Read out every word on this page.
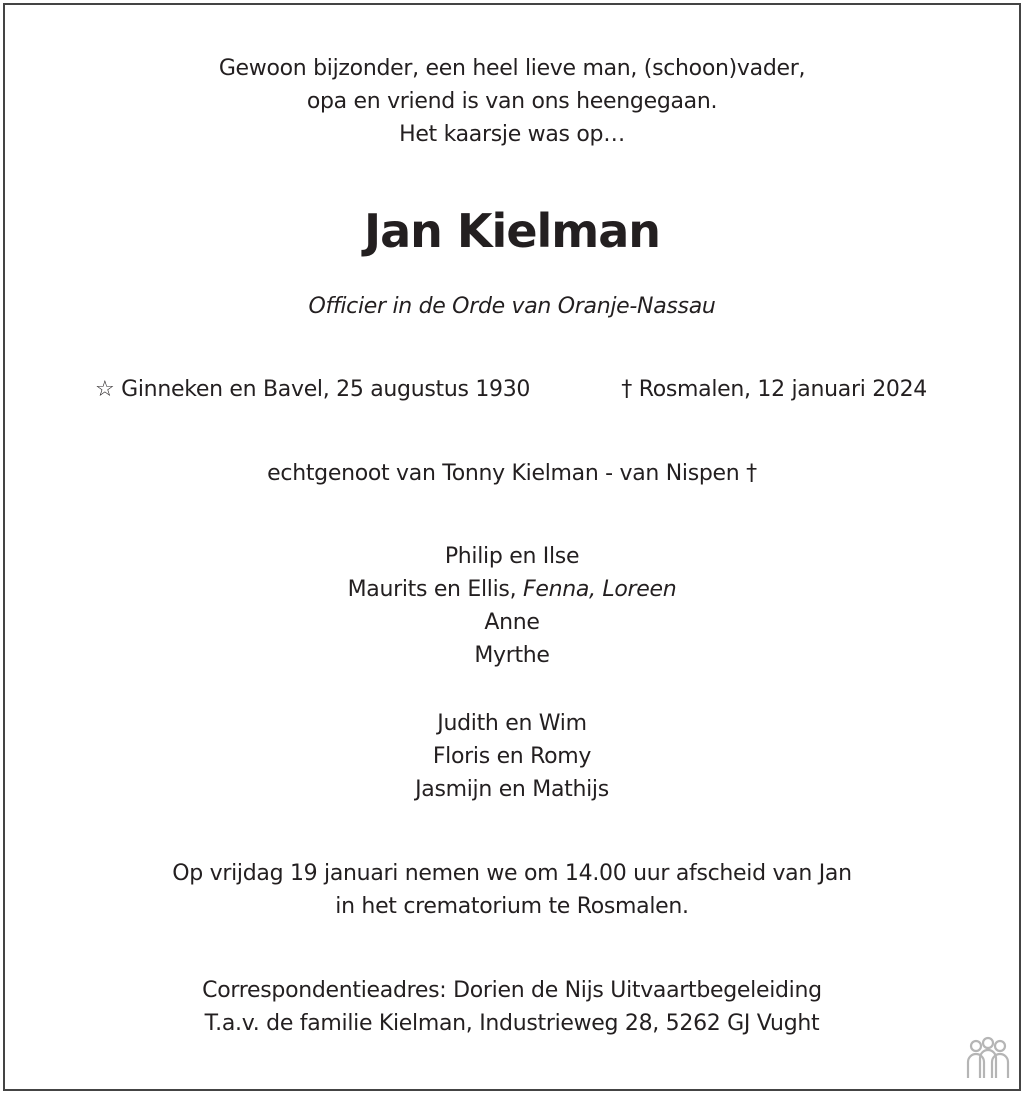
Gewoon bijzonder, een heel lieve man, (schoon)vader,
opa en vriend is van ons heengegaan.
Het kaarsje was op…
Jan Kielman
Officier in de Orde van Oranje-Nassau
☆ Ginneken en Bavel, 25 augustus 1930	† Rosmalen, 12 januari 2024
echtgenoot van Tonny Kielman - van Nispen †
Philip en Ilse
Maurits en Ellis, Fenna, Loreen
Anne
Myrthe
Judith en Wim
Floris en Romy
Jasmijn en Mathijs
Op vrijdag 19 januari nemen we om 14.00 uur afscheid van Jan
in het crematorium te Rosmalen.
Correspondentieadres: Dorien de Nijs Uitvaartbegeleiding
T.a.v. de familie Kielman, Industrieweg 28, 5262 GJ Vught
